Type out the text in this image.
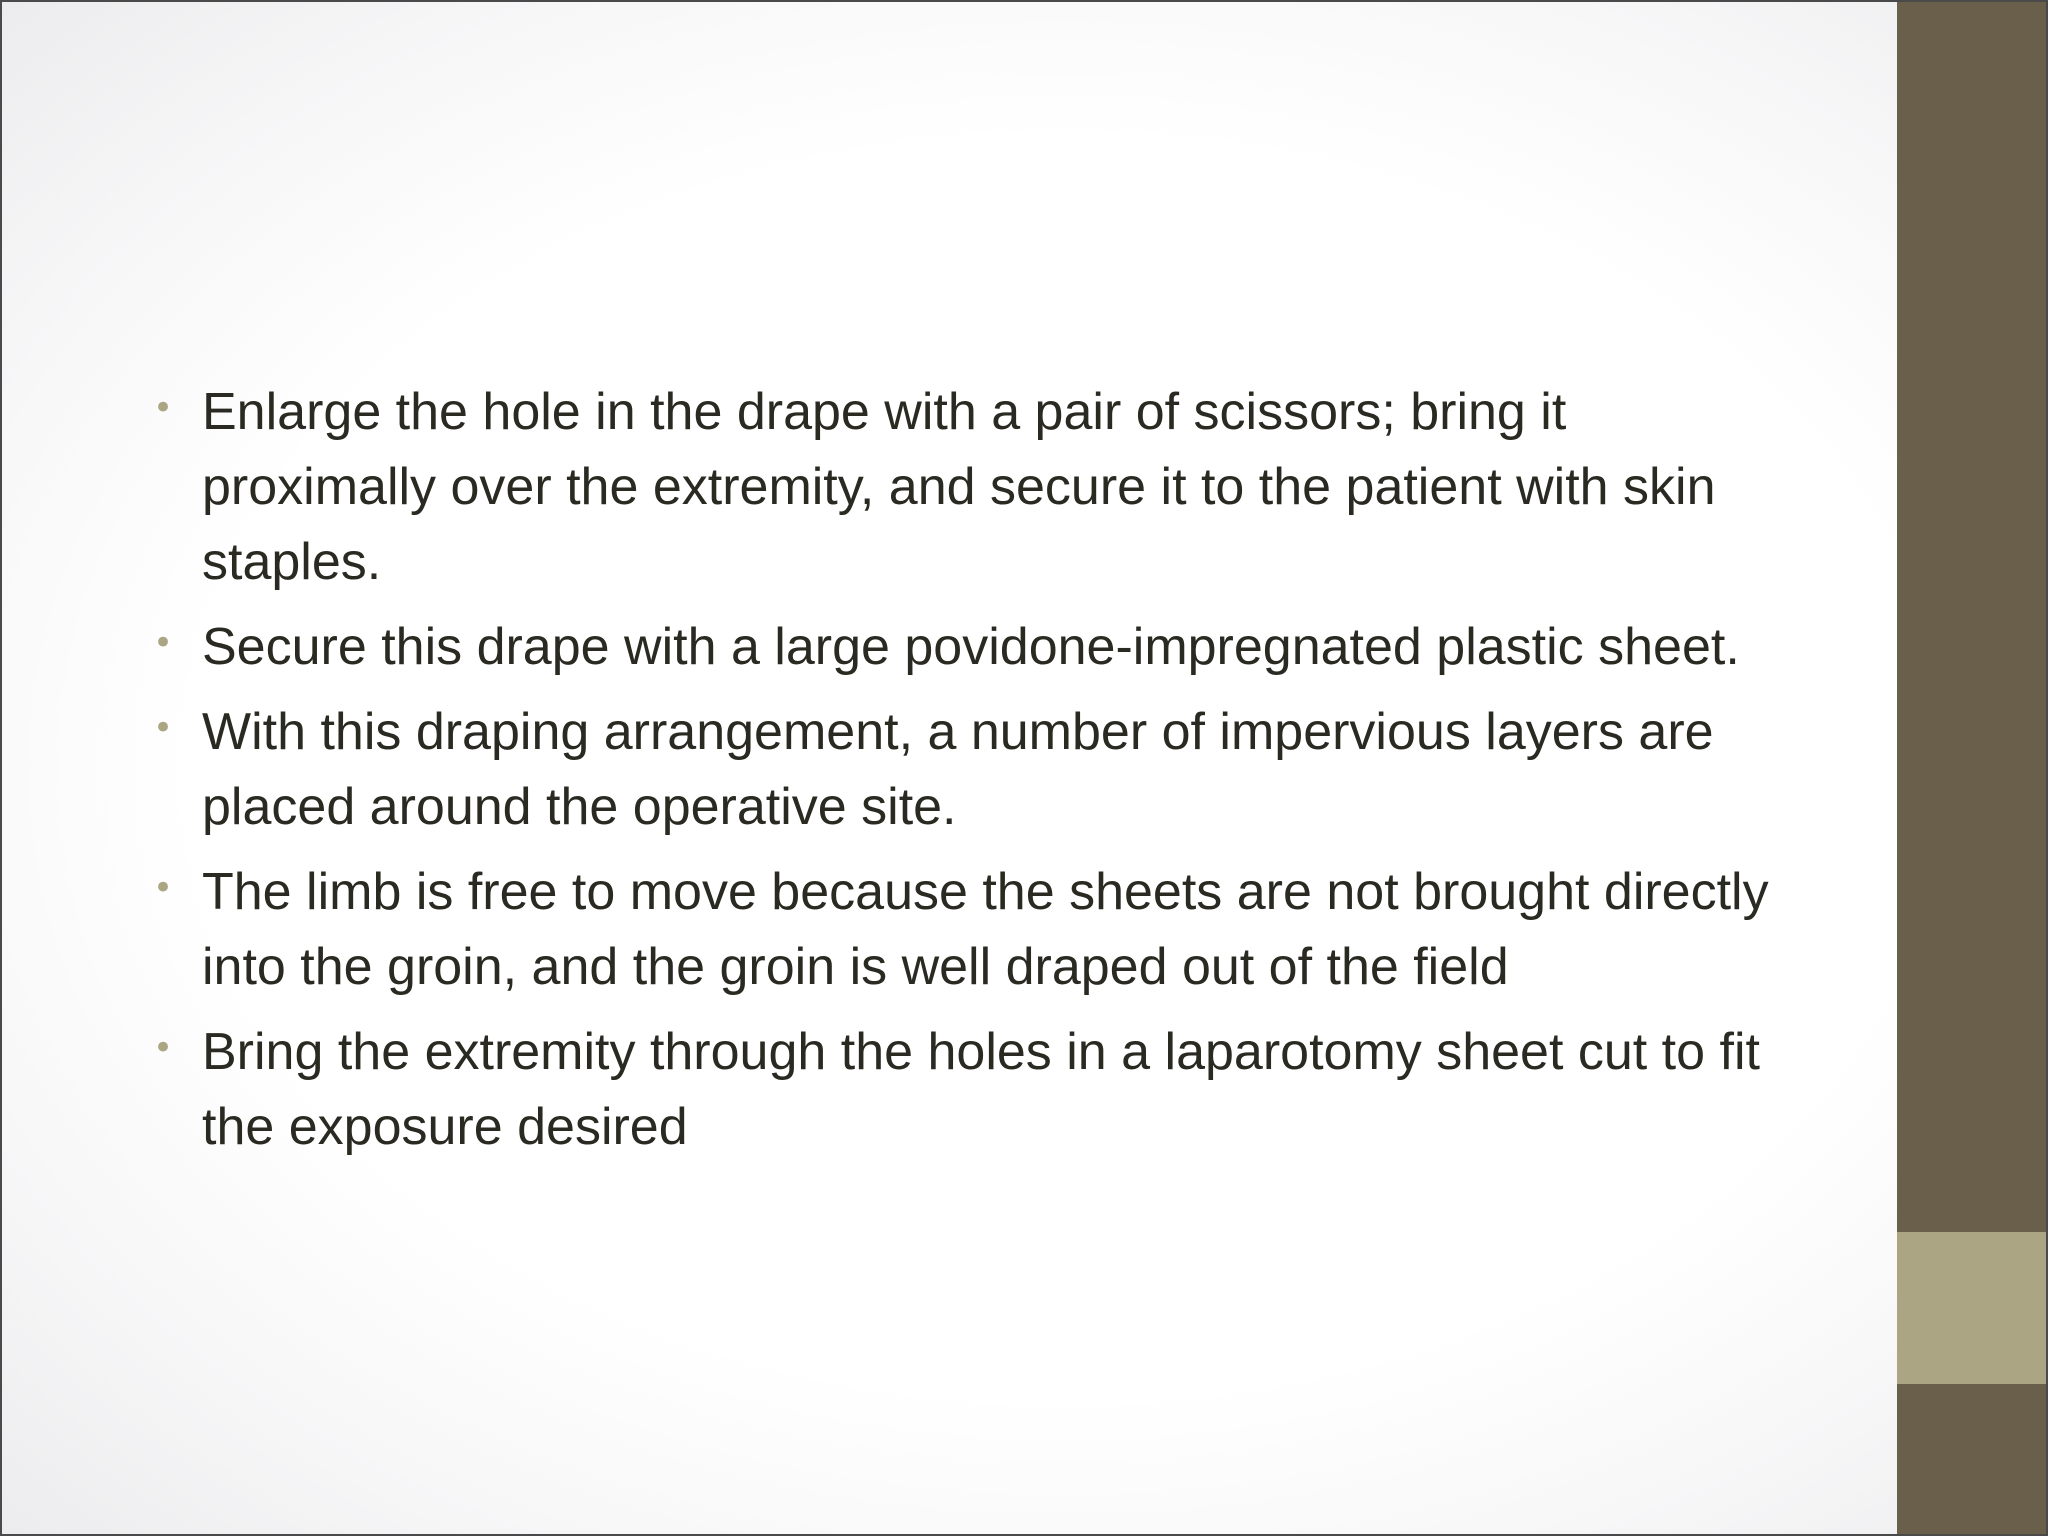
• Enlarge the hole in the drape with a pair of scissors; bring it proximally over the extremity, and secure it to the patient with skin staples.
• Secure this drape with a large povidone-impregnated plastic sheet.
• With this draping arrangement, a number of impervious layers are placed around the operative site.
• The limb is free to move because the sheets are not brought directly into the groin, and the groin is well draped out of the field
• Bring the extremity through the holes in a laparotomy sheet cut to fit the exposure desired
